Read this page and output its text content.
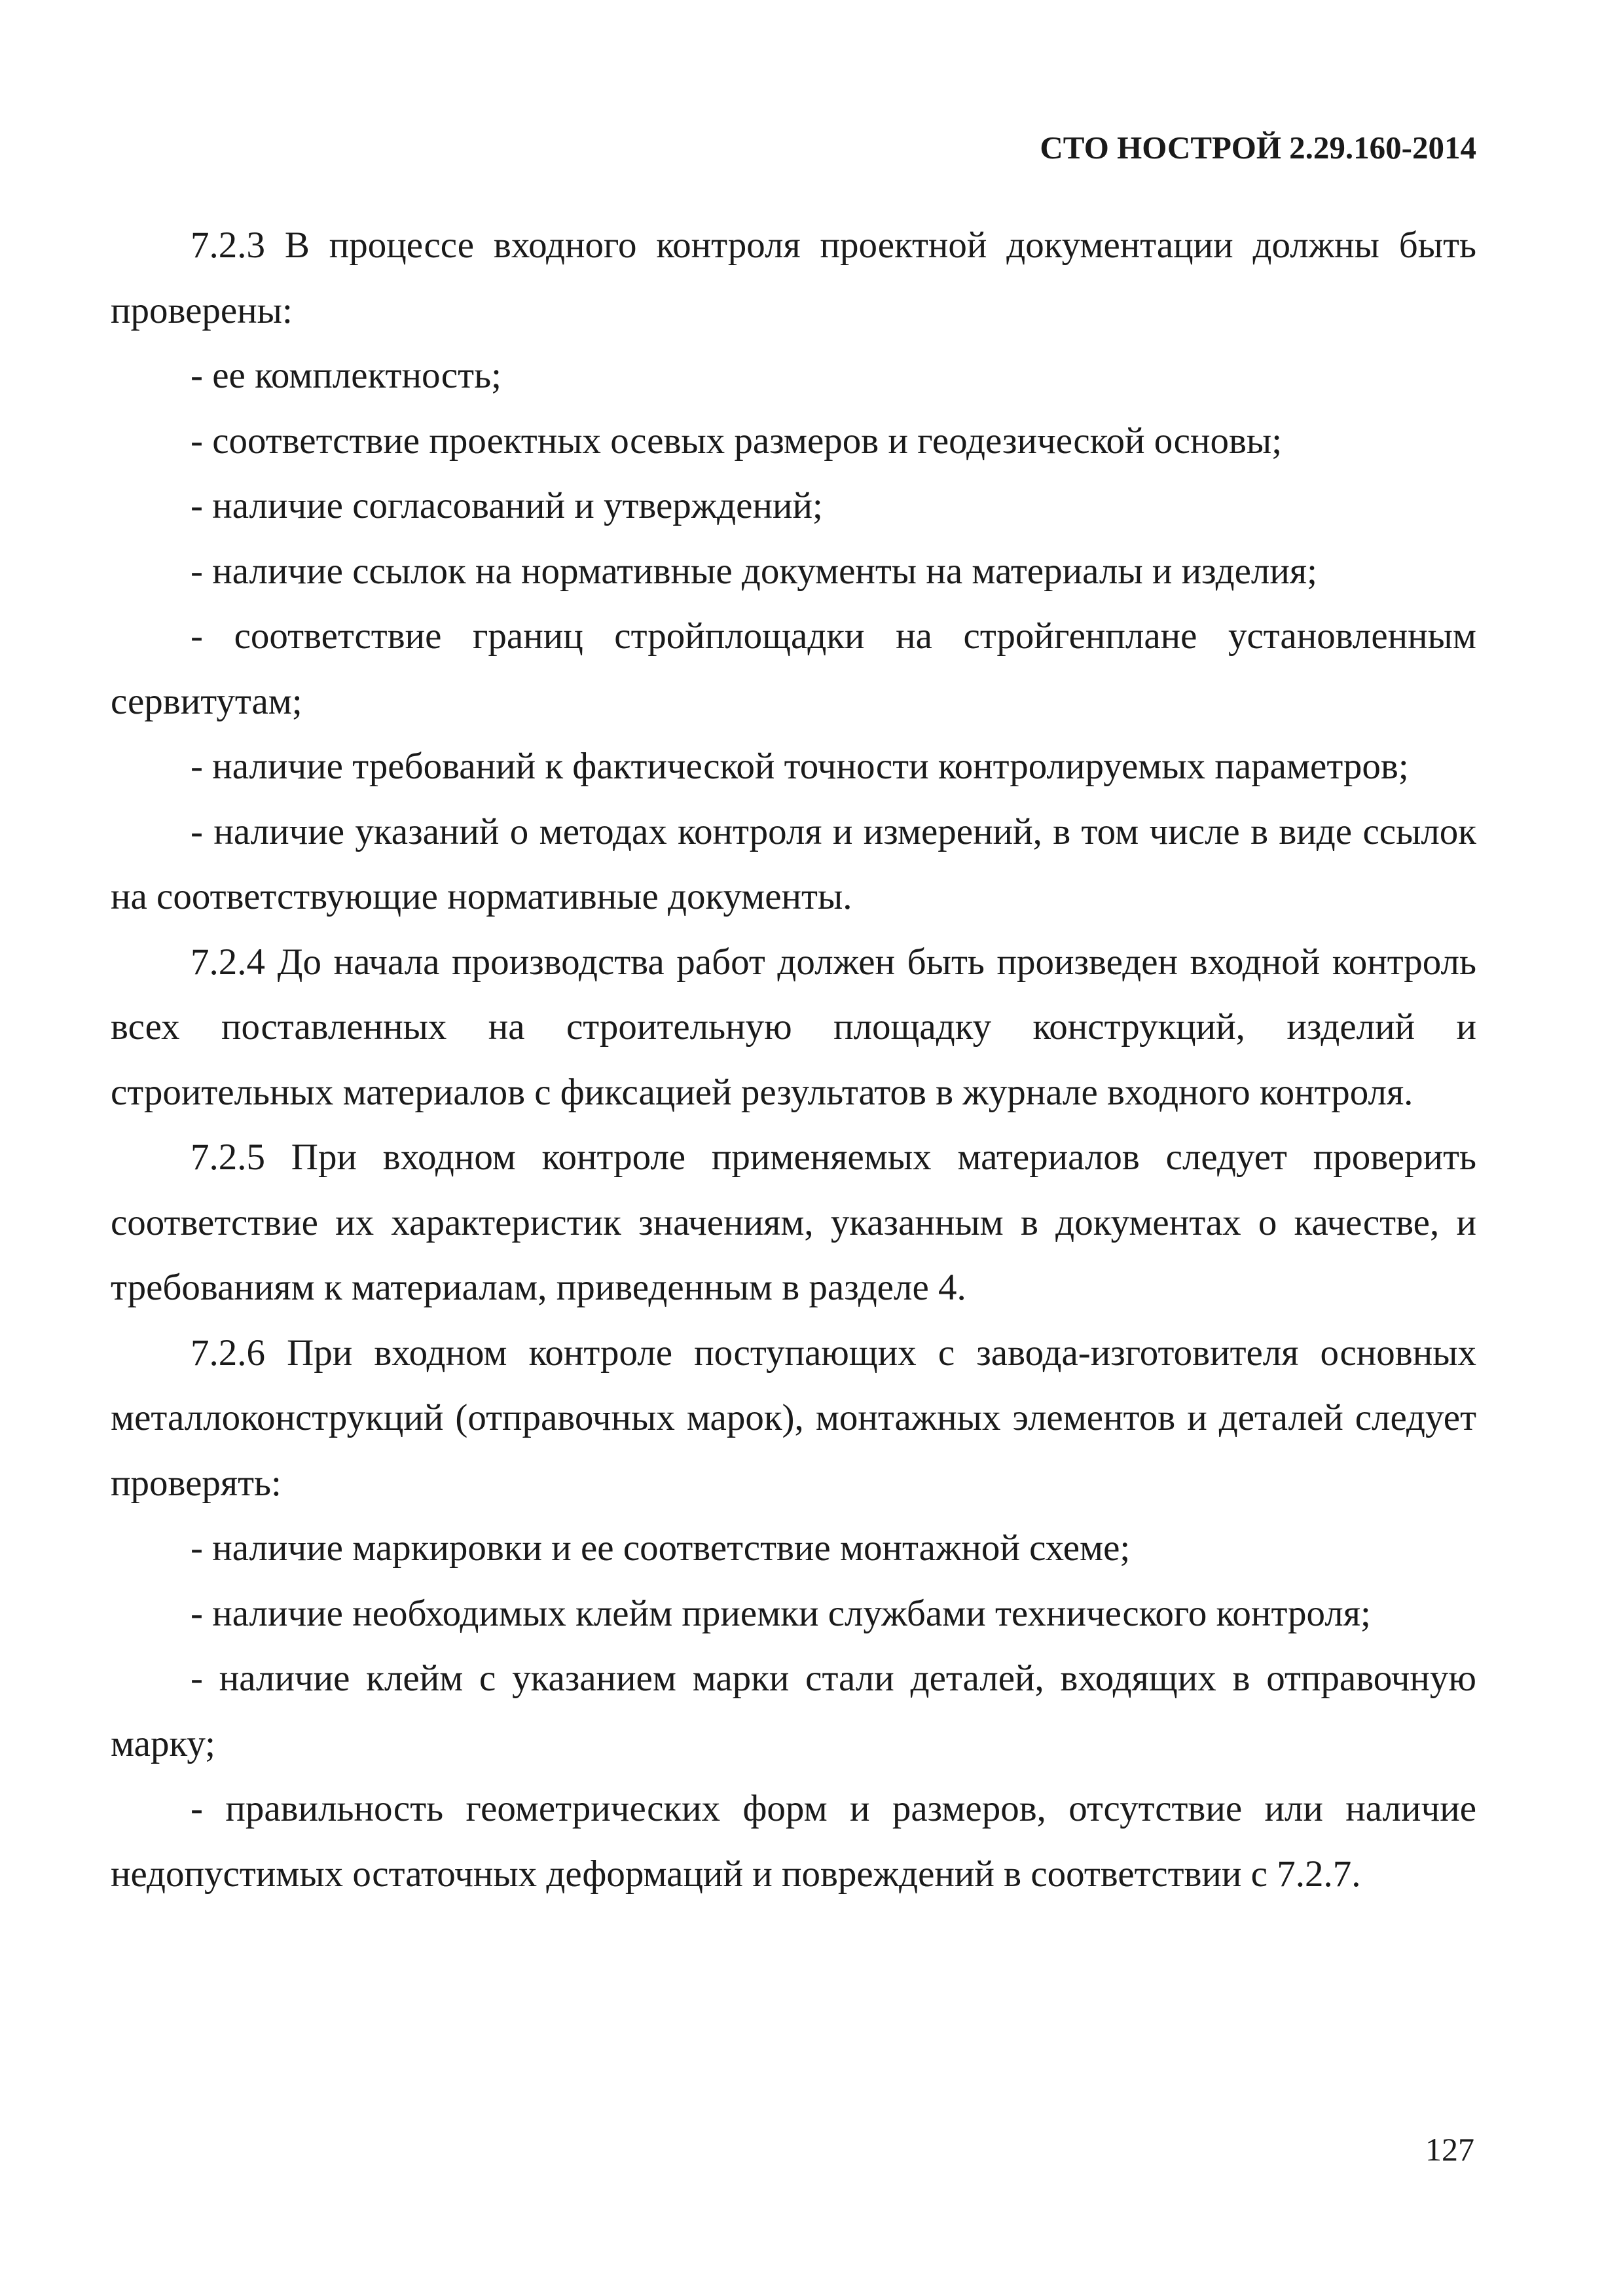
СТО НОСТРОЙ 2.29.160-2014

7.2.3 В процессе входного контроля проектной документации должны быть проверены:

- ее комплектность;

- соответствие проектных осевых размеров и геодезической основы;

- наличие согласований и утверждений;

- наличие ссылок на нормативные документы на материалы и изделия;

- соответствие границ стройплощадки на стройгенплане установленным сервитутам;

- наличие требований к фактической точности контролируемых параметров;

- наличие указаний о методах контроля и измерений, в том числе в виде ссылок на соответствующие нормативные документы.

7.2.4 До начала производства работ должен быть произведен входной контроль всех поставленных на строительную площадку конструкций, изделий и строительных материалов с фиксацией результатов в журнале входного контроля.

7.2.5 При входном контроле применяемых материалов следует проверить соответствие их характеристик значениям, указанным в документах о качестве, и требованиям к материалам, приведенным в разделе 4.

7.2.6 При входном контроле поступающих с завода-изготовителя основных металлоконструкций (отправочных марок), монтажных элементов и деталей следует проверять:

- наличие маркировки и ее соответствие монтажной схеме;

- наличие необходимых клейм приемки службами технического контроля;

- наличие клейм с указанием марки стали деталей, входящих в отправочную марку;

- правильность геометрических форм и размеров, отсутствие или наличие недопустимых остаточных деформаций и повреждений в соответствии с 7.2.7.

127
